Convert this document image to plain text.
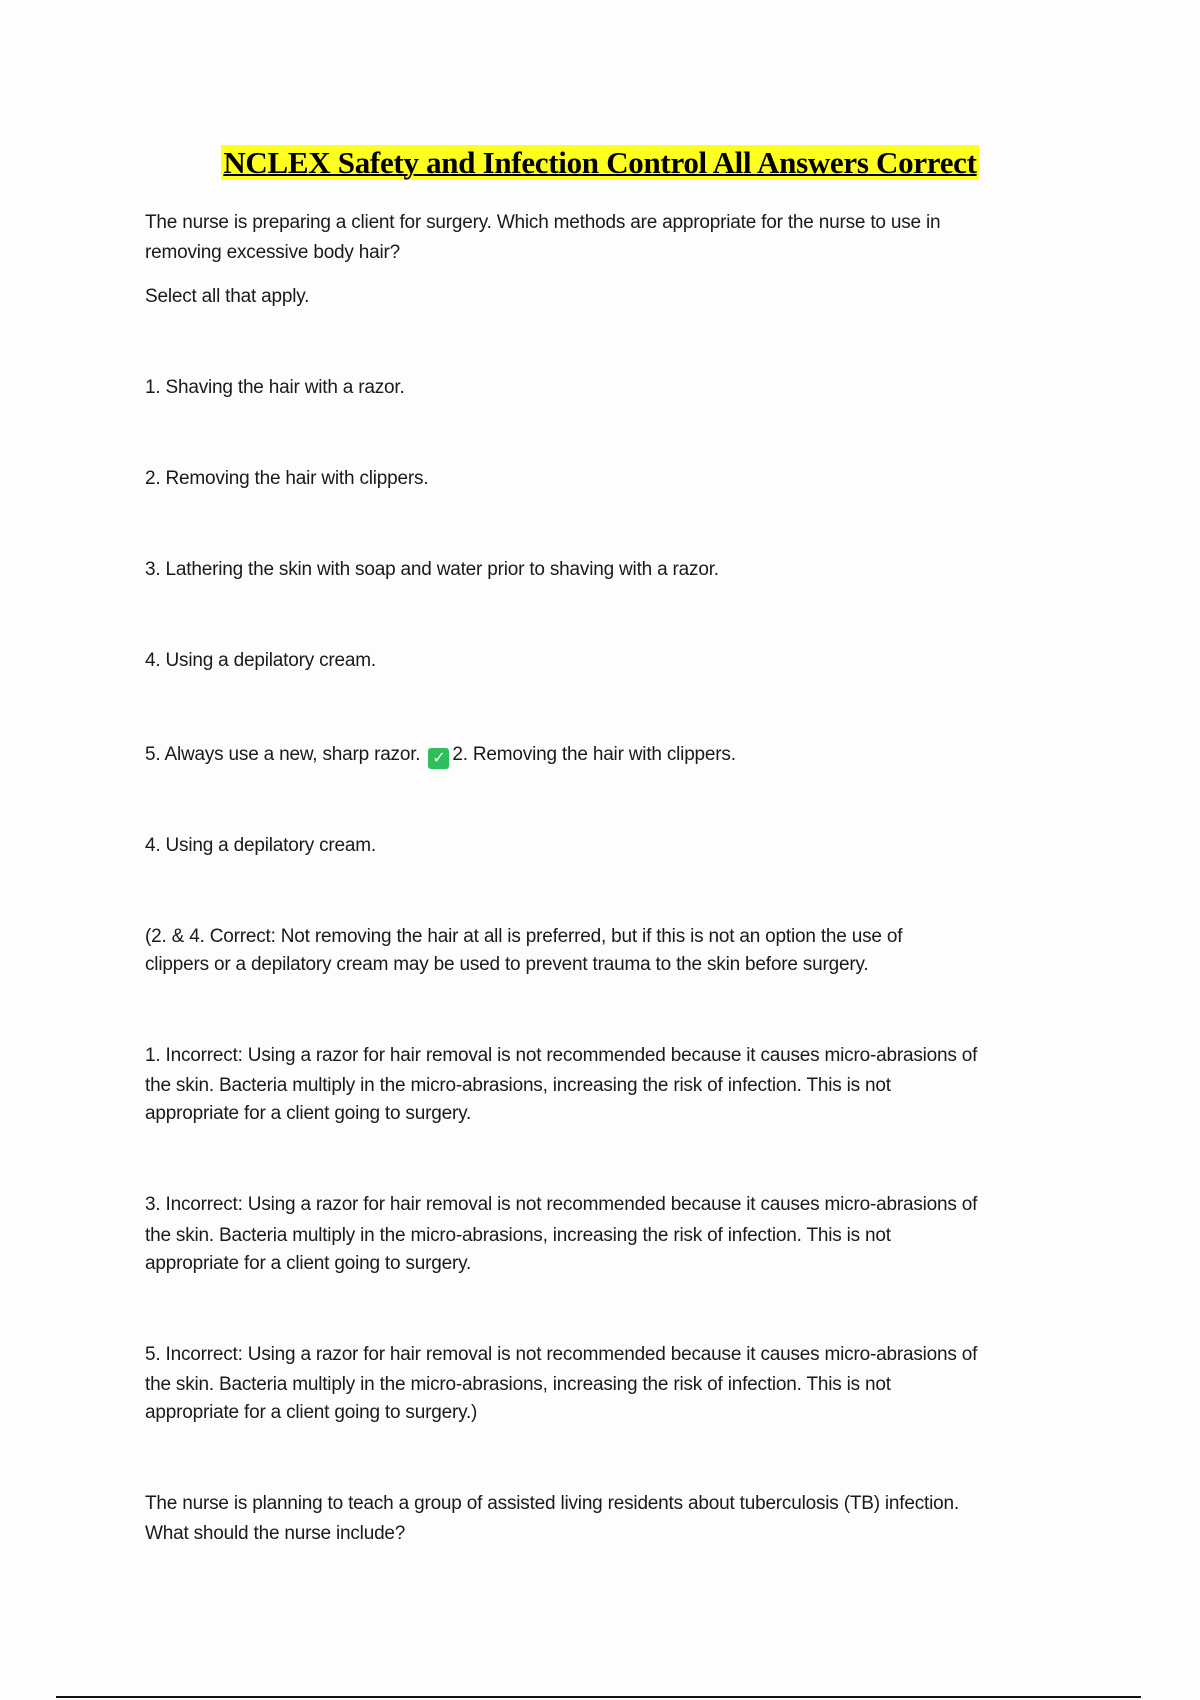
NCLEX Safety and Infection Control All Answers Correct
The nurse is preparing a client for surgery. Which methods are appropriate for the nurse to use in
removing excessive body hair?
Select all that apply.
1. Shaving the hair with a razor.
2. Removing the hair with clippers.
3. Lathering the skin with soap and water prior to shaving with a razor.
4. Using a depilatory cream.
5. Always use a new, sharp razor. ✓ 2. Removing the hair with clippers.
4. Using a depilatory cream.
(2. & 4. Correct: Not removing the hair at all is preferred, but if this is not an option the use of
clippers or a depilatory cream may be used to prevent trauma to the skin before surgery.
1. Incorrect: Using a razor for hair removal is not recommended because it causes micro-abrasions of
the skin. Bacteria multiply in the micro-abrasions, increasing the risk of infection. This is not
appropriate for a client going to surgery.
3. Incorrect: Using a razor for hair removal is not recommended because it causes micro-abrasions of
the skin. Bacteria multiply in the micro-abrasions, increasing the risk of infection. This is not
appropriate for a client going to surgery.
5. Incorrect: Using a razor for hair removal is not recommended because it causes micro-abrasions of
the skin. Bacteria multiply in the micro-abrasions, increasing the risk of infection. This is not
appropriate for a client going to surgery.)
The nurse is planning to teach a group of assisted living residents about tuberculosis (TB) infection.
What should the nurse include?
